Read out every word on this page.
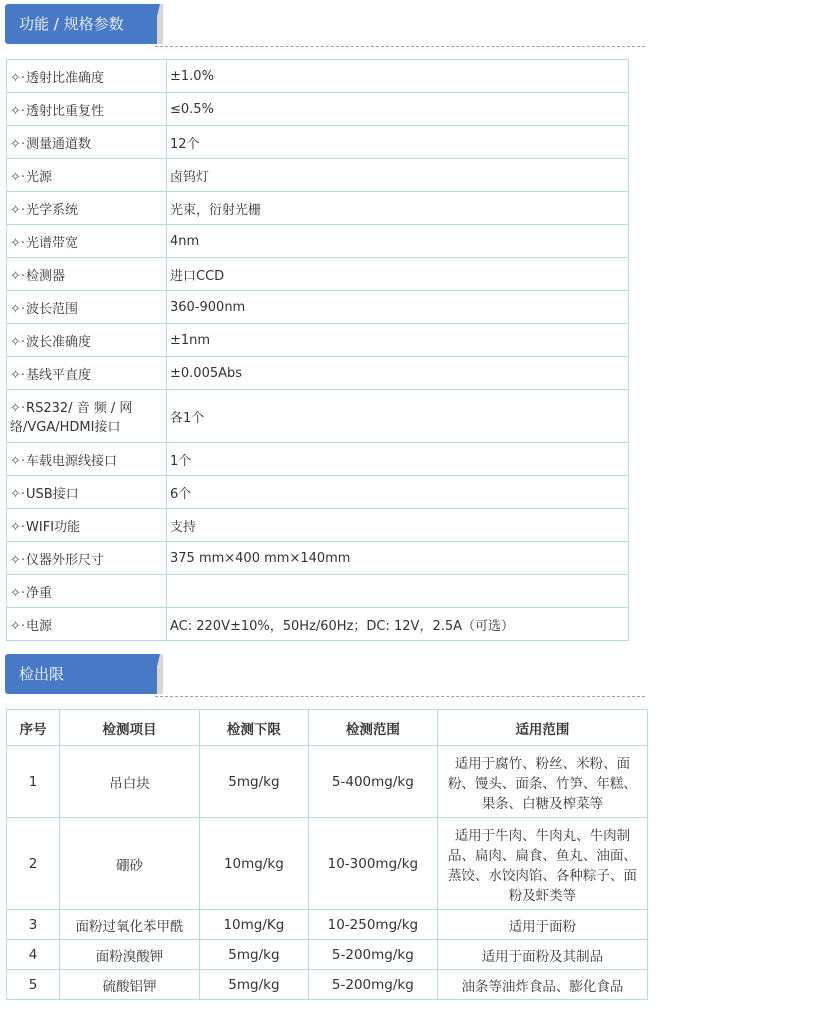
功能 / 规格参数
✧·透射比准确度	±1.0%
✧·透射比重复性	≤0.5%
✧·测量通道数	12个
✧·光源	卤钨灯
✧·光学系统	光束，衍射光栅
✧·光谱带宽	4nm
✧·检测器	进口CCD
✧·波长范围	360-900nm
✧·波长准确度	±1nm
✧·基线平直度	±0.005Abs
✧·RS232/ 音 频 / 网络/VGA/HDMI接口	各1个
✧·车载电源线接口	1个
✧·USB接口	6个
✧·WIFI功能	支持
✧·仪器外形尺寸	375 mm×400 mm×140mm
✧·净重	
✧·电源	AC: 220V±10%，50Hz/60Hz；DC: 12V，2.5A（可选）
检出限
序号	检测项目	检测下限	检测范围	适用范围
1	吊白块	5mg/kg	5-400mg/kg	适用于腐竹、粉丝、米粉、面粉、馒头、面条、竹笋、年糕、果条、白糖及榨菜等
2	硼砂	10mg/kg	10-300mg/kg	适用于牛肉、牛肉丸、牛肉制品、扁肉、扁食、鱼丸、油面、蒸饺、水饺肉馅、各种粽子、面粉及虾类等
3	面粉过氧化苯甲酰	10mg/Kg	10-250mg/kg	适用于面粉
4	面粉溴酸钾	5mg/kg	5-200mg/kg	适用于面粉及其制品
5	硫酸铝钾	5mg/kg	5-200mg/kg	油条等油炸食品、膨化食品
